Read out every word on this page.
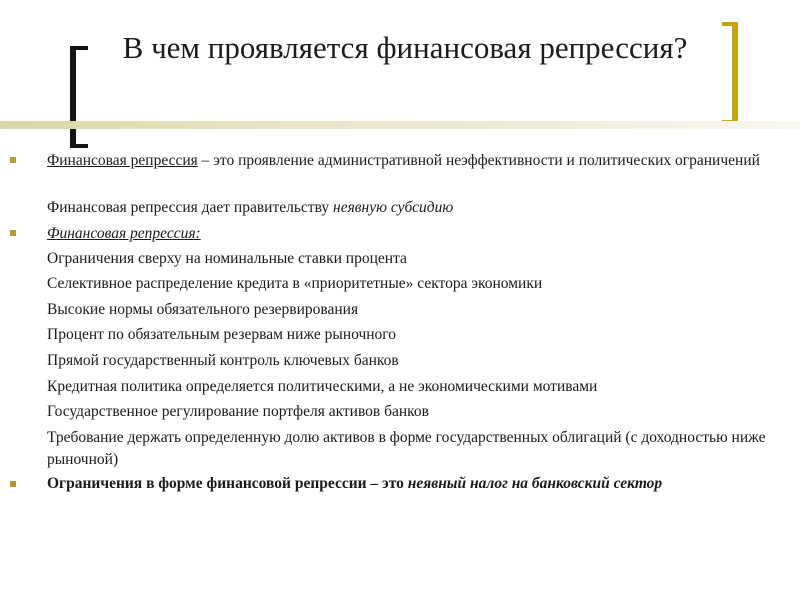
В чем проявляется финансовая репрессия?
Финансовая репрессия – это проявление административной неэффективности и политических ограничений
Финансовая репрессия дает правительству неявную субсидию
Финансовая репрессия:
Ограничения сверху на номинальные ставки процента
Селективное распределение кредита в «приоритетные» сектора экономики
Высокие нормы обязательного резервирования
Процент по обязательным резервам ниже рыночного
Прямой государственный контроль ключевых банков
Кредитная политика определяется политическими, а не экономическими мотивами
Государственное регулирование портфеля активов банков
Требование держать определенную долю активов в форме государственных облигаций (с доходностью ниже рыночной)
Ограничения в форме финансовой репрессии – это неявный налог на банковский сектор
